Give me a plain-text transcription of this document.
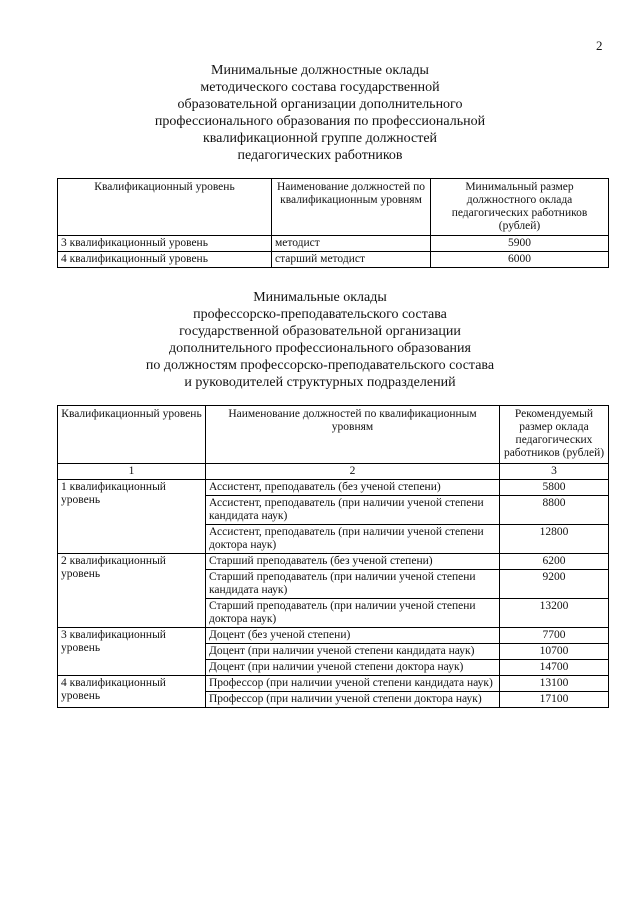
2
Минимальные должностные оклады
методического состава государственной
образовательной организации дополнительного
профессионального образования по профессиональной
квалификационной группе должностей
педагогических работников
Квалификационный уровень	Наименование должностей по квалификационным уровням	Минимальный размер должностного оклада педагогических работников (рублей)
3 квалификационный уровень	методист	5900
4 квалификационный уровень	старший методист	6000
Минимальные оклады
профессорско-преподавательского состава
государственной образовательной организации
дополнительного профессионального образования
по должностям профессорско-преподавательского состава
и руководителей структурных подразделений
Квалификационный уровень	Наименование должностей по квалификационным уровням	Рекомендуемый размер оклада педагогических работников (рублей)
1	2	3
1 квалификационный уровень	Ассистент, преподаватель (без ученой степени)	5800
	Ассистент, преподаватель (при наличии ученой степени кандидата наук)	8800
	Ассистент, преподаватель (при наличии ученой степени доктора наук)	12800
2 квалификационный уровень	Старший преподаватель (без ученой степени)	6200
	Старший преподаватель (при наличии ученой степени кандидата наук)	9200
	Старший преподаватель (при наличии ученой степени доктора наук)	13200
3 квалификационный уровень	Доцент (без ученой степени)	7700
	Доцент (при наличии ученой степени кандидата наук)	10700
	Доцент (при наличии ученой степени доктора наук)	14700
4 квалификационный уровень	Профессор (при наличии ученой степени кандидата наук)	13100
	Профессор (при наличии ученой степени доктора наук)	17100
